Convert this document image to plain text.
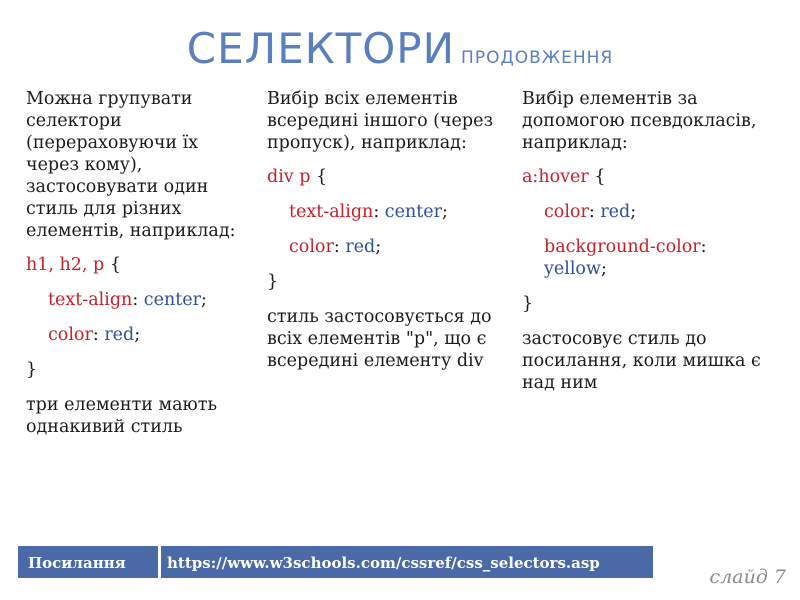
СЕЛЕКТОРИ ПРОДОВЖЕННЯ
Можна групувати селектори (перераховуючи їх через кому), застосовувати один стиль для різних елементів, наприклад:
h1, h2, p {
text-align: center;
color: red;
}
три елементи мають однакивий стиль
Вибір всіх елементів всередині іншого (через пропуск), наприклад:
div p {
text-align: center;
color: red;
}
стиль застосовується до всіх елементів "p", що є всередині елементу div
Вибір елементів за допомогою псевдокласів, наприклад:
a:hover {
color: red;
background-color: yellow;
}
застосовує стиль до посилання, коли мишка є над ним
Посилання	https://www.w3schools.com/cssref/css_selectors.asp
слайд 7
